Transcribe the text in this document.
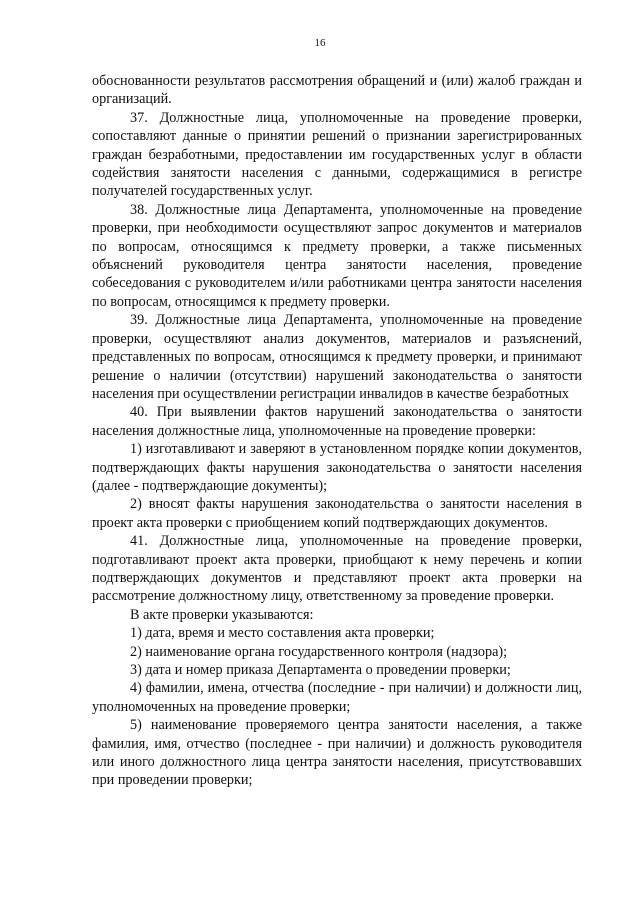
16

обоснованности результатов рассмотрения обращений и (или) жалоб граждан и организаций.

37. Должностные лица, уполномоченные на проведение проверки, сопоставляют данные о принятии решений о признании зарегистрированных граждан безработными, предоставлении им государственных услуг в области содействия занятости населения с данными, содержащимися в регистре получателей государственных услуг.

38. Должностные лица Департамента, уполномоченные на проведение проверки, при необходимости осуществляют запрос документов и материалов по вопросам, относящимся к предмету проверки, а также письменных объяснений руководителя центра занятости населения, проведение собеседования с руководителем и/или работниками центра занятости населения по вопросам, относящимся к предмету проверки.

39. Должностные лица Департамента, уполномоченные на проведение проверки, осуществляют анализ документов, материалов и разъяснений, представленных по вопросам, относящимся к предмету проверки, и принимают решение о наличии (отсутствии) нарушений законодательства о занятости населения при осуществлении регистрации инвалидов в качестве безработных

40. При выявлении фактов нарушений законодательства о занятости населения должностные лица, уполномоченные на проведение проверки:

1) изготавливают и заверяют в установленном порядке копии документов, подтверждающих факты нарушения законодательства о занятости населения (далее - подтверждающие документы);

2) вносят факты нарушения законодательства о занятости населения в проект акта проверки с приобщением копий подтверждающих документов.

41. Должностные лица, уполномоченные на проведение проверки, подготавливают проект акта проверки, приобщают к нему перечень и копии подтверждающих документов и представляют проект акта проверки на рассмотрение должностному лицу, ответственному за проведение проверки.

В акте проверки указываются:

1) дата, время и место составления акта проверки;

2) наименование органа государственного контроля (надзора);

3) дата и номер приказа Департамента о проведении проверки;

4) фамилии, имена, отчества (последние - при наличии) и должности лиц, уполномоченных на проведение проверки;

5) наименование проверяемого центра занятости населения, а также фамилия, имя, отчество (последнее - при наличии) и должность руководителя или иного должностного лица центра занятости населения, присутствовавших при проведении проверки;
